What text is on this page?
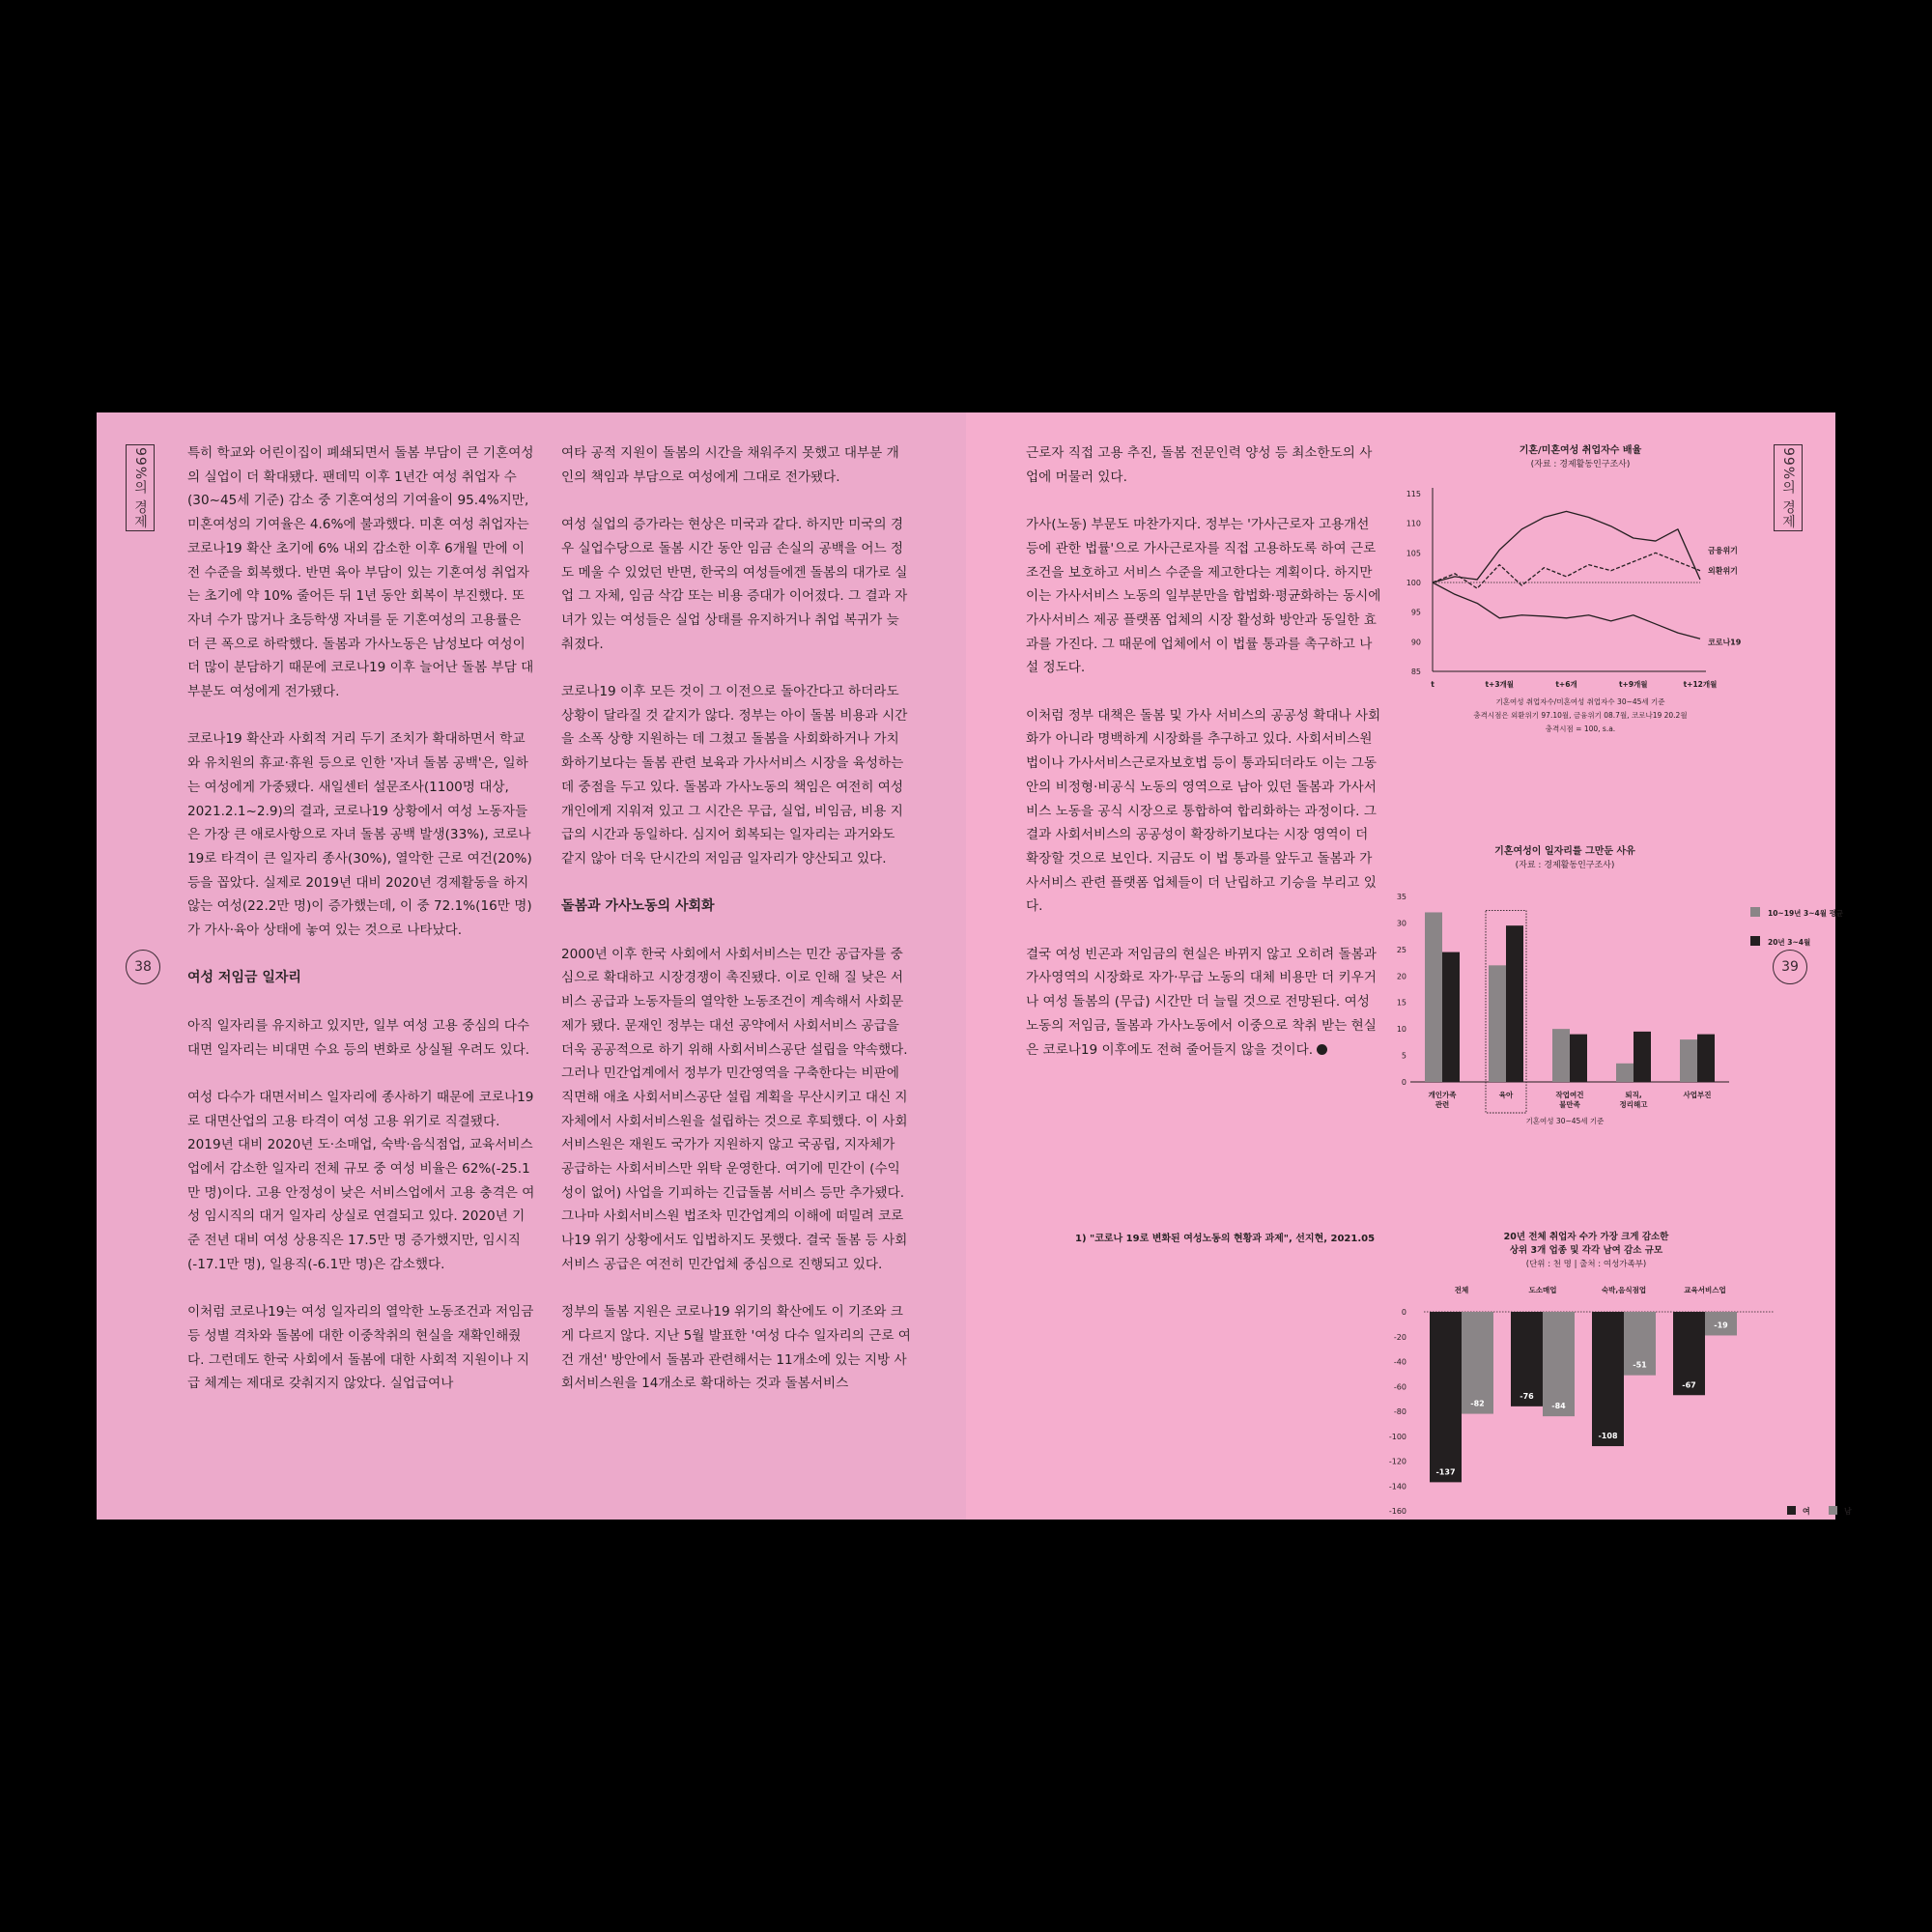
99%의 경제
38

특히 학교와 어린이집이 폐쇄되면서 돌봄 부담이 큰 기혼여성의 실업이 더 확대됐다. 팬데믹 이후 1년간 여성 취업자 수(30~45세 기준) 감소 중 기혼여성의 기여율이 95.4%지만, 미혼여성의 기여율은 4.6%에 불과했다. 미혼 여성 취업자는 코로나19 확산 초기에 6% 내외 감소한 이후 6개월 만에 이전 수준을 회복했다. 반면 육아 부담이 있는 기혼여성 취업자는 초기에 약 10% 줄어든 뒤 1년 동안 회복이 부진했다. 또 자녀 수가 많거나 초등학생 자녀를 둔 기혼여성의 고용률은 더 큰 폭으로 하락했다. 돌봄과 가사노동은 남성보다 여성이 더 많이 분담하기 때문에 코로나19 이후 늘어난 돌봄 부담 대부분도 여성에게 전가됐다.

코로나19 확산과 사회적 거리 두기 조치가 확대하면서 학교와 유치원의 휴교·휴원 등으로 인한 '자녀 돌봄 공백'은, 일하는 여성에게 가중됐다. 새일센터 설문조사(1100명 대상, 2021.2.1~2.9)의 결과, 코로나19 상황에서 여성 노동자들은 가장 큰 애로사항으로 자녀 돌봄 공백 발생(33%), 코로나19로 타격이 큰 일자리 종사(30%), 열악한 근로 여건(20%) 등을 꼽았다. 실제로 2019년 대비 2020년 경제활동을 하지 않는 여성(22.2만 명)이 증가했는데, 이 중 72.1%(16만 명)가 가사·육아 상태에 놓여 있는 것으로 나타났다.

여성 저임금 일자리

아직 일자리를 유지하고 있지만, 일부 여성 고용 중심의 다수 대면 일자리는 비대면 수요 등의 변화로 상실될 우려도 있다.

여성 다수가 대면서비스 일자리에 종사하기 때문에 코로나19로 대면산업의 고용 타격이 여성 고용 위기로 직결됐다. 2019년 대비 2020년 도·소매업, 숙박·음식점업, 교육서비스업에서 감소한 일자리 전체 규모 중 여성 비율은 62%(-25.1만 명)이다. 고용 안정성이 낮은 서비스업에서 고용 충격은 여성 임시직의 대거 일자리 상실로 연결되고 있다. 2020년 기준 전년 대비 여성 상용직은 17.5만 명 증가했지만, 임시직(-17.1만 명), 일용직(-6.1만 명)은 감소했다.

이처럼 코로나19는 여성 일자리의 열악한 노동조건과 저임금 등 성별 격차와 돌봄에 대한 이중착취의 현실을 재확인해줬다. 그런데도 한국 사회에서 돌봄에 대한 사회적 지원이나 지급 체계는 제대로 갖춰지지 않았다. 실업급여나

여타 공적 지원이 돌봄의 시간을 채워주지 못했고 대부분 개인의 책임과 부담으로 여성에게 그대로 전가됐다.

여성 실업의 증가라는 현상은 미국과 같다. 하지만 미국의 경우 실업수당으로 돌봄 시간 동안 임금 손실의 공백을 어느 정도 메울 수 있었던 반면, 한국의 여성들에겐 돌봄의 대가로 실업 그 자체, 임금 삭감 또는 비용 증대가 이어졌다. 그 결과 자녀가 있는 여성들은 실업 상태를 유지하거나 취업 복귀가 늦춰졌다.

코로나19 이후 모든 것이 그 이전으로 돌아간다고 하더라도 상황이 달라질 것 같지가 않다. 정부는 아이 돌봄 비용과 시간을 소폭 상향 지원하는 데 그쳤고 돌봄을 사회화하거나 가치화하기보다는 돌봄 관련 보육과 가사서비스 시장을 육성하는 데 중점을 두고 있다. 돌봄과 가사노동의 책임은 여전히 여성 개인에게 지워져 있고 그 시간은 무급, 실업, 비임금, 비용 지급의 시간과 동일하다. 심지어 회복되는 일자리는 과거와도 같지 않아 더욱 단시간의 저임금 일자리가 양산되고 있다.

돌봄과 가사노동의 사회화

2000년 이후 한국 사회에서 사회서비스는 민간 공급자를 중심으로 확대하고 시장경쟁이 촉진됐다. 이로 인해 질 낮은 서비스 공급과 노동자들의 열악한 노동조건이 계속해서 사회문제가 됐다. 문재인 정부는 대선 공약에서 사회서비스 공급을 더욱 공공적으로 하기 위해 사회서비스공단 설립을 약속했다. 그러나 민간업계에서 정부가 민간영역을 구축한다는 비판에 직면해 애초 사회서비스공단 설립 계획을 무산시키고 대신 지자체에서 사회서비스원을 설립하는 것으로 후퇴했다. 이 사회서비스원은 재원도 국가가 지원하지 않고 국공립, 지자체가 공급하는 사회서비스만 위탁 운영한다. 여기에 민간이 (수익성이 없어) 사업을 기피하는 긴급돌봄 서비스 등만 추가됐다. 그나마 사회서비스원 법조차 민간업계의 이해에 떠밀려 코로나19 위기 상황에서도 입법하지도 못했다. 결국 돌봄 등 사회서비스 공급은 여전히 민간업체 중심으로 진행되고 있다.

정부의 돌봄 지원은 코로나19 위기의 확산에도 이 기조와 크게 다르지 않다. 지난 5월 발표한 '여성 다수 일자리의 근로 여건 개선' 방안에서 돌봄과 관련해서는 11개소에 있는 지방 사회서비스원을 14개소로 확대하는 것과 돌봄서비스

99%의 경제
39

근로자 직접 고용 추진, 돌봄 전문인력 양성 등 최소한도의 사업에 머물러 있다.

가사(노동) 부문도 마찬가지다. 정부는 '가사근로자 고용개선 등에 관한 법률'으로 가사근로자를 직접 고용하도록 하여 근로조건을 보호하고 서비스 수준을 제고한다는 계획이다. 하지만 이는 가사서비스 노동의 일부분만을 합법화·평균화하는 동시에 가사서비스 제공 플랫폼 업체의 시장 활성화 방안과 동일한 효과를 가진다. 그 때문에 업체에서 이 법률 통과를 촉구하고 나설 정도다.

이처럼 정부 대책은 돌봄 및 가사 서비스의 공공성 확대나 사회화가 아니라 명백하게 시장화를 추구하고 있다. 사회서비스원법이나 가사서비스근로자보호법 등이 통과되더라도 이는 그동안의 비정형·비공식 노동의 영역으로 남아 있던 돌봄과 가사서비스 노동을 공식 시장으로 통합하여 합리화하는 과정이다. 그 결과 사회서비스의 공공성이 확장하기보다는 시장 영역이 더 확장할 것으로 보인다. 지금도 이 법 통과를 앞두고 돌봄과 가사서비스 관련 플랫폼 업체들이 더 난립하고 기승을 부리고 있다.

결국 여성 빈곤과 저임금의 현실은 바뀌지 않고 오히려 돌봄과 가사영역의 시장화로 자가·무급 노동의 대체 비용만 더 키우거나 여성 돌봄의 (무급) 시간만 더 늘릴 것으로 전망된다. 여성 노동의 저임금, 돌봄과 가사노동에서 이중으로 착취 받는 현실은 코로나19 이후에도 전혀 줄어들지 않을 것이다.

1) "코로나 19로 변화된 여성노동의 현황과 과제", 선지현, 2021.05
기혼/미혼여성 취업자수 배율
(자료 : 경제활동인구조사)
85
90
95
100
105
110
115
t	t+3개월	t+6개	t+9개월	t+12개월
금융위기
외환위기
코로나19
기혼여성 취업자수/미혼여성 취업자수 30~45세 기준
충격시점은 외환위기 97.10월, 금융위기 08.7월, 코로나19 20.2월
충격시점 = 100, s.a.
기혼여성이 일자리를 그만둔 사유
(자료 : 경제활동인구조사)
0
5
10
15
20
25
30
35
개인가족
관련
육아	작업여건
불만족
퇴직,
정리해고
사업부진
10~19년 3~4월 평균
20년 3~4월
기혼여성 30~45세 기준
20년 전체 취업자 수가 가장 크게 감소한
상위 3개 업종 및 각각 남여 감소 규모
(단위 : 천 명 | 출처 : 여성가족부)
0
-20
-40
-60
-80
-100
-120
-140
-160
전체
-137
-82
도소매업
-76
-84
숙박,음식점업
-108
-51
교육서비스업
-67
-19
여	남
